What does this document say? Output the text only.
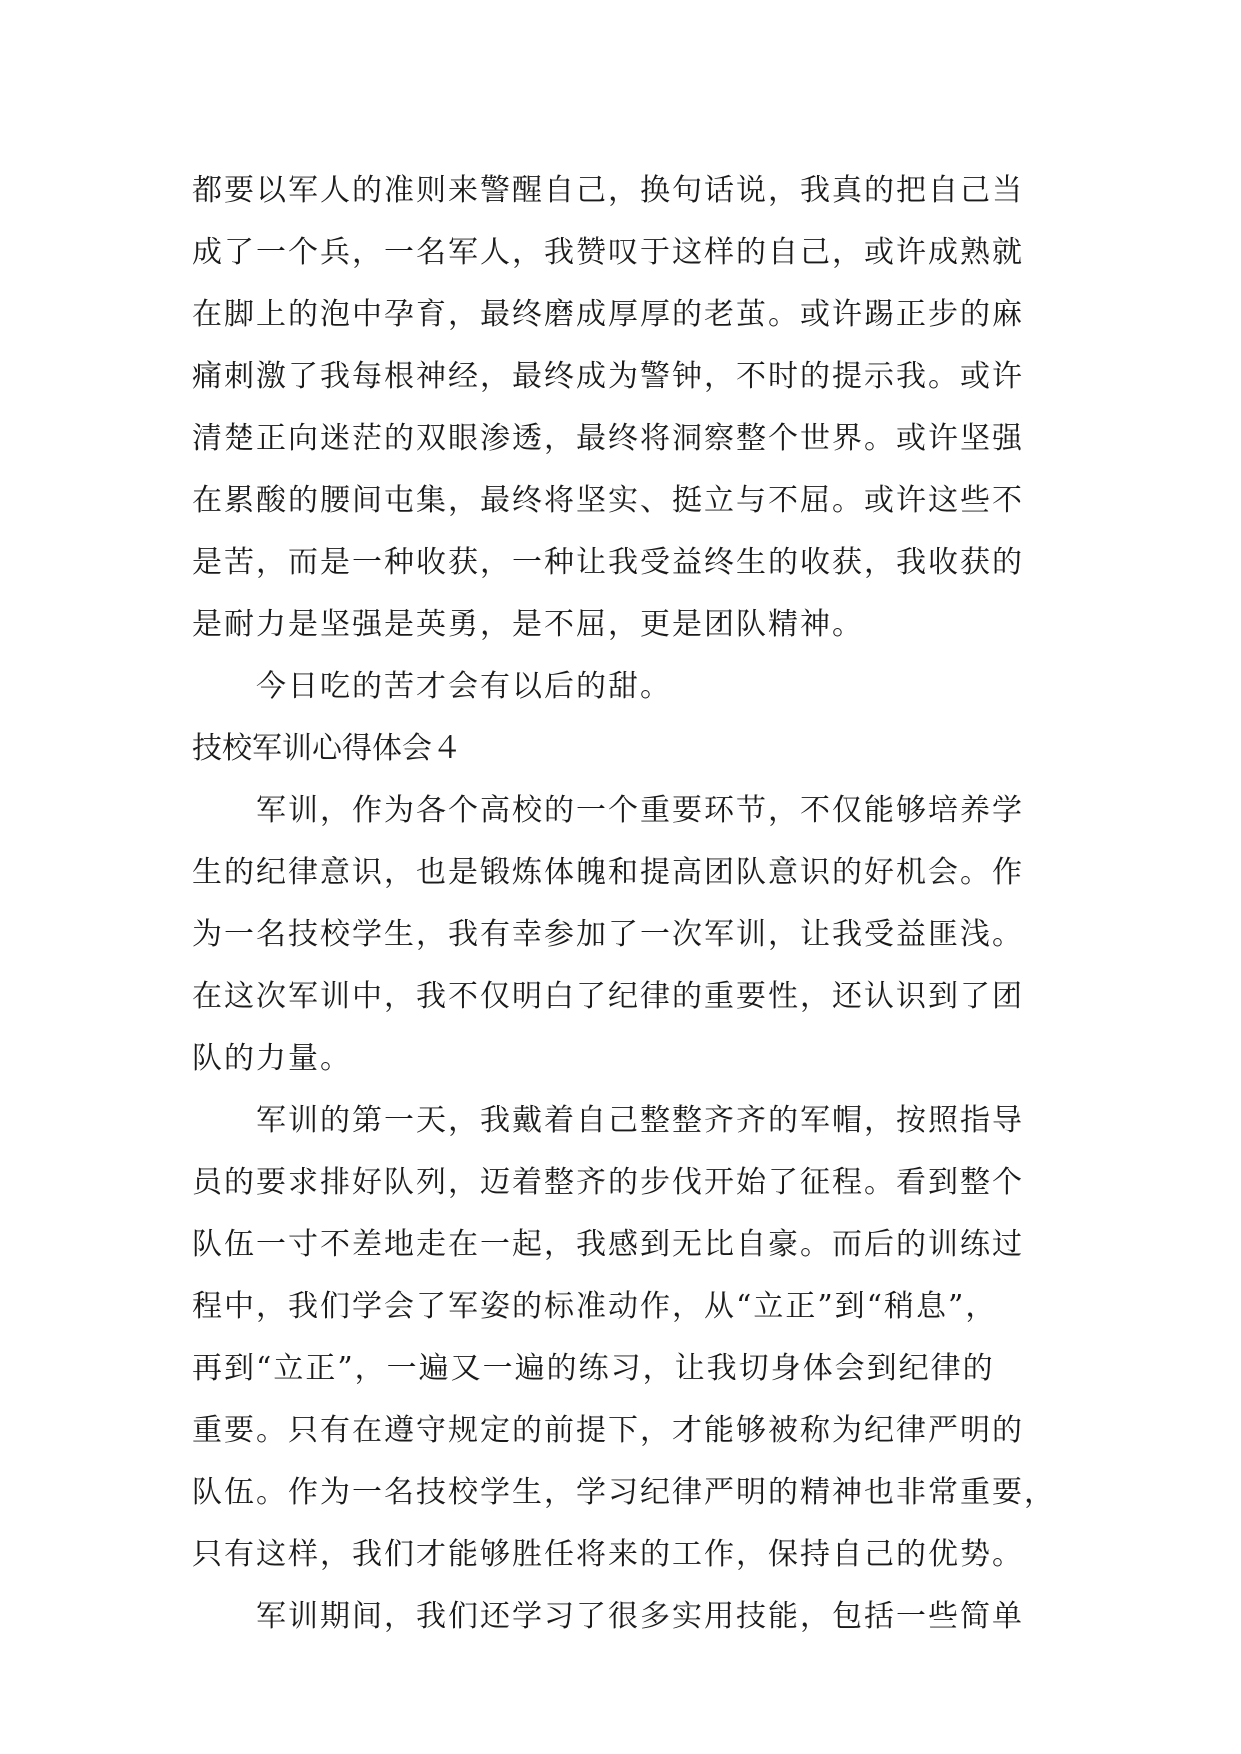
都要以军人的准则来警醒自己，换句话说，我真的把自己当
成了一个兵，一名军人，我赞叹于这样的自己，或许成熟就
在脚上的泡中孕育，最终磨成厚厚的老茧。或许踢正步的麻
痛刺激了我每根神经，最终成为警钟，不时的提示我。或许
清楚正向迷茫的双眼渗透，最终将洞察整个世界。或许坚强
在累酸的腰间屯集，最终将坚实、挺立与不屈。或许这些不
是苦，而是一种收获，一种让我受益终生的收获，我收获的
是耐力是坚强是英勇，是不屈，更是团队精神。
今日吃的苦才会有以后的甜。
技校军训心得体会４
军训，作为各个高校的一个重要环节，不仅能够培养学
生的纪律意识，也是锻炼体魄和提高团队意识的好机会。作
为一名技校学生，我有幸参加了一次军训，让我受益匪浅。
在这次军训中，我不仅明白了纪律的重要性，还认识到了团
队的力量。
军训的第一天，我戴着自己整整齐齐的军帽，按照指导
员的要求排好队列，迈着整齐的步伐开始了征程。看到整个
队伍一寸不差地走在一起，我感到无比自豪。而后的训练过
程中，我们学会了军姿的标准动作，从“立正”到“稍息”，
再到“立正”，一遍又一遍的练习，让我切身体会到纪律的
重要。只有在遵守规定的前提下，才能够被称为纪律严明的
队伍。作为一名技校学生，学习纪律严明的精神也非常重要，
只有这样，我们才能够胜任将来的工作，保持自己的优势。
军训期间，我们还学习了很多实用技能，包括一些简单
